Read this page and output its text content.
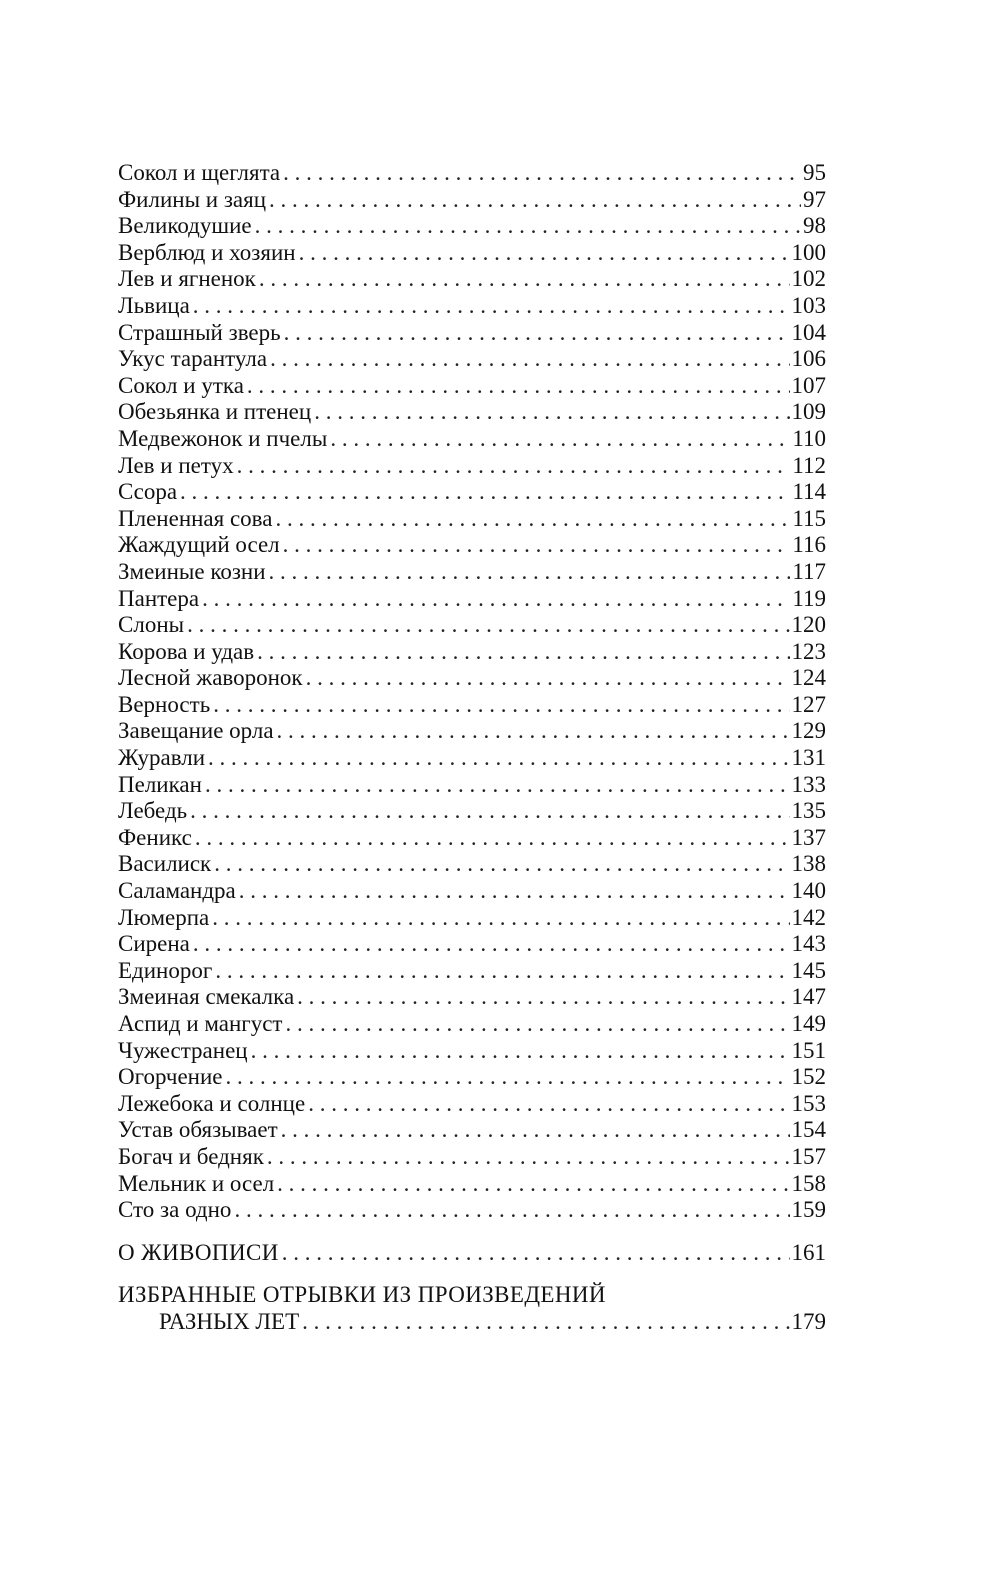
Сокол и щеглята . . .	95
Филины и заяц . . .	97
Великодушие . . .	98
Верблюд и хозяин . . .	100
Лев и ягненок . . .	102
Львица . . .	103
Страшный зверь . . .	104
Укус тарантула . . .	106
Сокол и утка . . .	107
Обезьянка и птенец . . .	109
Медвежонок и пчелы . . .	110
Лев и петух . . .	112
Ссора . . .	114
Плененная сова . . .	115
Жаждущий осел . . .	116
Змеиные козни . . .	117
Пантера . . .	119
Слоны . . .	120
Корова и удав . . .	123
Лесной жаворонок . . .	124
Верность . . .	127
Завещание орла . . .	129
Журавли . . .	131
Пеликан . . .	133
Лебедь . . .	135
Феникс . . .	137
Василиск . . .	138
Саламандра . . .	140
Люмерпа . . .	142
Сирена . . .	143
Единорог . . .	145
Змеиная смекалка . . .	147
Аспид и мангуст . . .	149
Чужестранец . . .	151
Огорчение . . .	152
Лежебока и солнце . . .	153
Устав обязывает . . .	154
Богач и бедняк . . .	157
Мельник и осел . . .	158
Сто за одно . . .	159
О ЖИВОПИСИ . . .	161
ИЗБРАННЫЕ ОТРЫВКИ ИЗ ПРОИЗВЕДЕНИЙ
РАЗНЫХ ЛЕТ . . .	179
